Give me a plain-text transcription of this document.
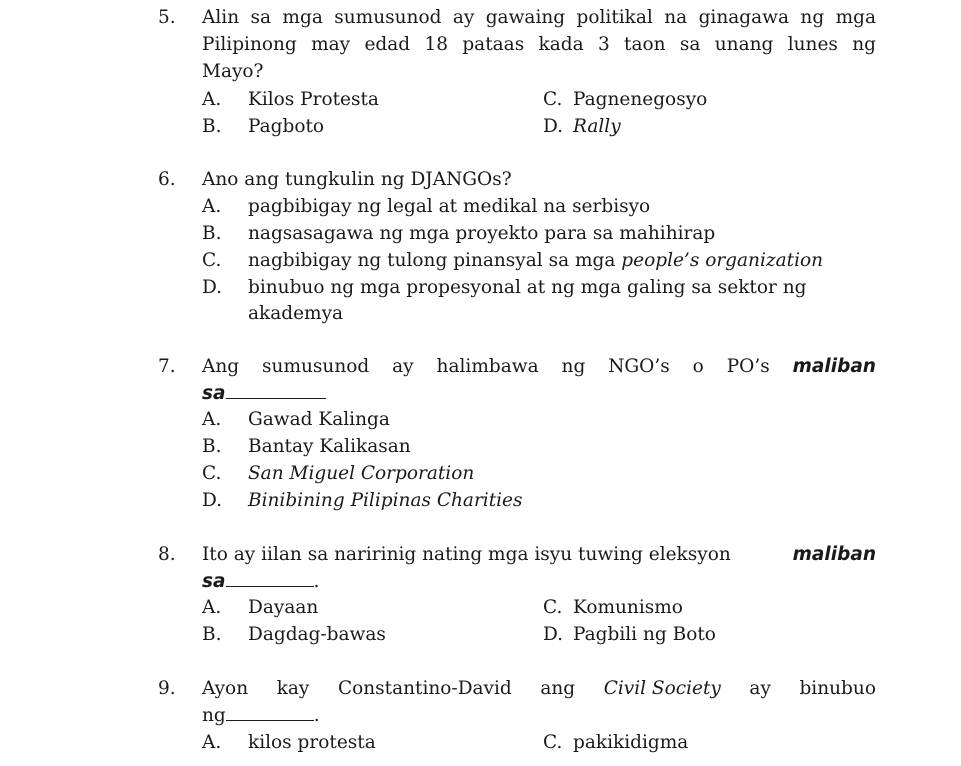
5. Alin sa mga sumusunod ay gawaing politikal na ginagawa ng mga
Pilipinong may edad 18 pataas kada 3 taon sa unang lunes ng
Mayo?
A. Kilos Protesta	C. Pagnenegosyo
B. Pagboto	D. Rally
6. Ano ang tungkulin ng DJANGOs?
A. pagbibigay ng legal at medikal na serbisyo
B. nagsasagawa ng mga proyekto para sa mahihirap
C. nagbibigay ng tulong pinansyal sa mga people’s organization
D. binubuo ng mga propesyonal at ng mga galing sa sektor ng
akademya
7. Ang sumusunod ay halimbawa ng NGO’s o PO’s maliban
sa
A. Gawad Kalinga
B. Bantay Kalikasan
C. San Miguel Corporation
D. Binibining Pilipinas Charities
8. Ito ay iilan sa naririnig nating mga isyu tuwing eleksyon	maliban
sa	.
A. Dayaan	C. Komunismo
B. Dagdag-bawas	D. Pagbili ng Boto
9. Ayon kay Constantino-David ang Civil Society ay binubuo
ng	.
A. kilos protesta	C. pakikidigma
